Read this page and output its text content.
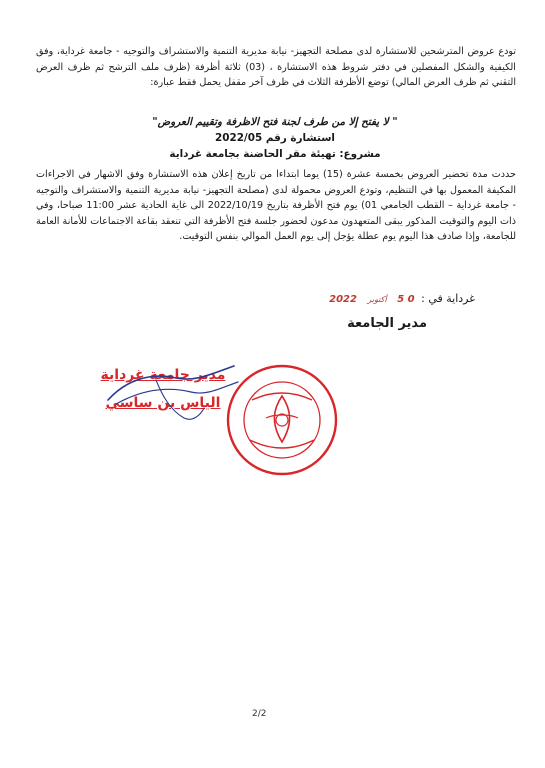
تودع عروض المترشحين للاستشارة لدى مصلحة التجهيز- نيابة مديرية التنمية والاستشراف والتوجيه - جامعة غرداية، وفق الكيفية والشكل المفصلين في دفتر شروط هذه الاستشارة ، (03) ثلاثة أظرفة (ظرف ملف الترشح ثم ظرف العرض التقني ثم ظرف العرض المالي) توضع الأظرفة الثلاث في ظرف آخر مقفل يحمل فقط عبارة:
" لا يفتح إلا من طرف لجنة فتح الاظرفة وتقييم العروض"
استشارة رقم 2022/05
مشروع: تهيئة مقر الحاضنة بجامعة غرداية
حددت مدة تحضير العروض بخمسة عشرة (15) يوما ابتداءا من تاريخ إعلان هذه الاستشارة وفق الاشهار في الاجراءات المكيفة المعمول بها في التنظيم، وتودع العروض محمولة لدى (مصلحة التجهيز- نيابة مديرية التنمية والاستشراف والتوجيه - جامعة غرداية – القطب الجامعي 01) يوم فتح الأظرفة بتاريخ 2022/10/19 الى غاية الحادية عشر 11:00 صباحا، وفي ذات اليوم والتوقيت المذكور يبقى المتعهدون مدعون لحضور جلسة فتح الأظرفة التي تنعقد بقاعة الاجتماعات للأمانة العامة للجامعة، وإذا صادف هذا اليوم يوم عطلة يؤجل إلى يوم العمل الموالي بنفس التوقيت.
غرداية في : 0 5 أكتوبر 2022
مدير الجامعة
مدير جامعة غرداية
الياس بن ساسي
2/2
